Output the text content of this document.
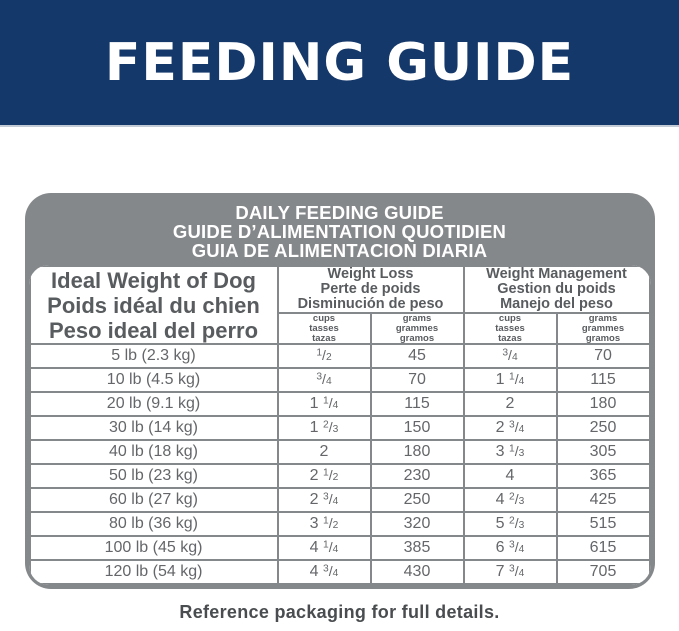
FEEDING GUIDE
DAILY FEEDING GUIDE
GUIDE D’ALIMENTATION QUOTIDIEN
GUIA DE ALIMENTACION DIARIA
Ideal Weight of Dog
Poids idéal du chien
Peso ideal del perro

Weight Loss
Perte de poids
Disminución de peso

Weight Management
Gestion du poids
Manejo del peso

cups
tasses
tazas

grams
grammes
gramos

cups
tasses
tazas

grams
grammes
gramos

5 lb (2.3 kg)	$^1$/2	45	$^3$/4	70
10 lb (4.5 kg)	$^3$/4	70	1 $^1$/4	115
20 lb (9.1 kg)	1 $^1$/4	115	2	180
30 lb (14 kg)	1 $^2$/3	150	2 $^3$/4	250
40 lb (18 kg)	2	180	3 $^1$/3	305
50 lb (23 kg)	2 $^1$/2	230	4	365
60 lb (27 kg)	2 $^3$/4	250	4 $^2$/3	425
80 lb (36 kg)	3 $^1$/2	320	5 $^2$/3	515
100 lb (45 kg)	4 $^1$/4	385	6 $^3$/4	615
120 lb (54 kg)	4 $^3$/4	430	7 $^3$/4	705
Reference packaging for full details.
